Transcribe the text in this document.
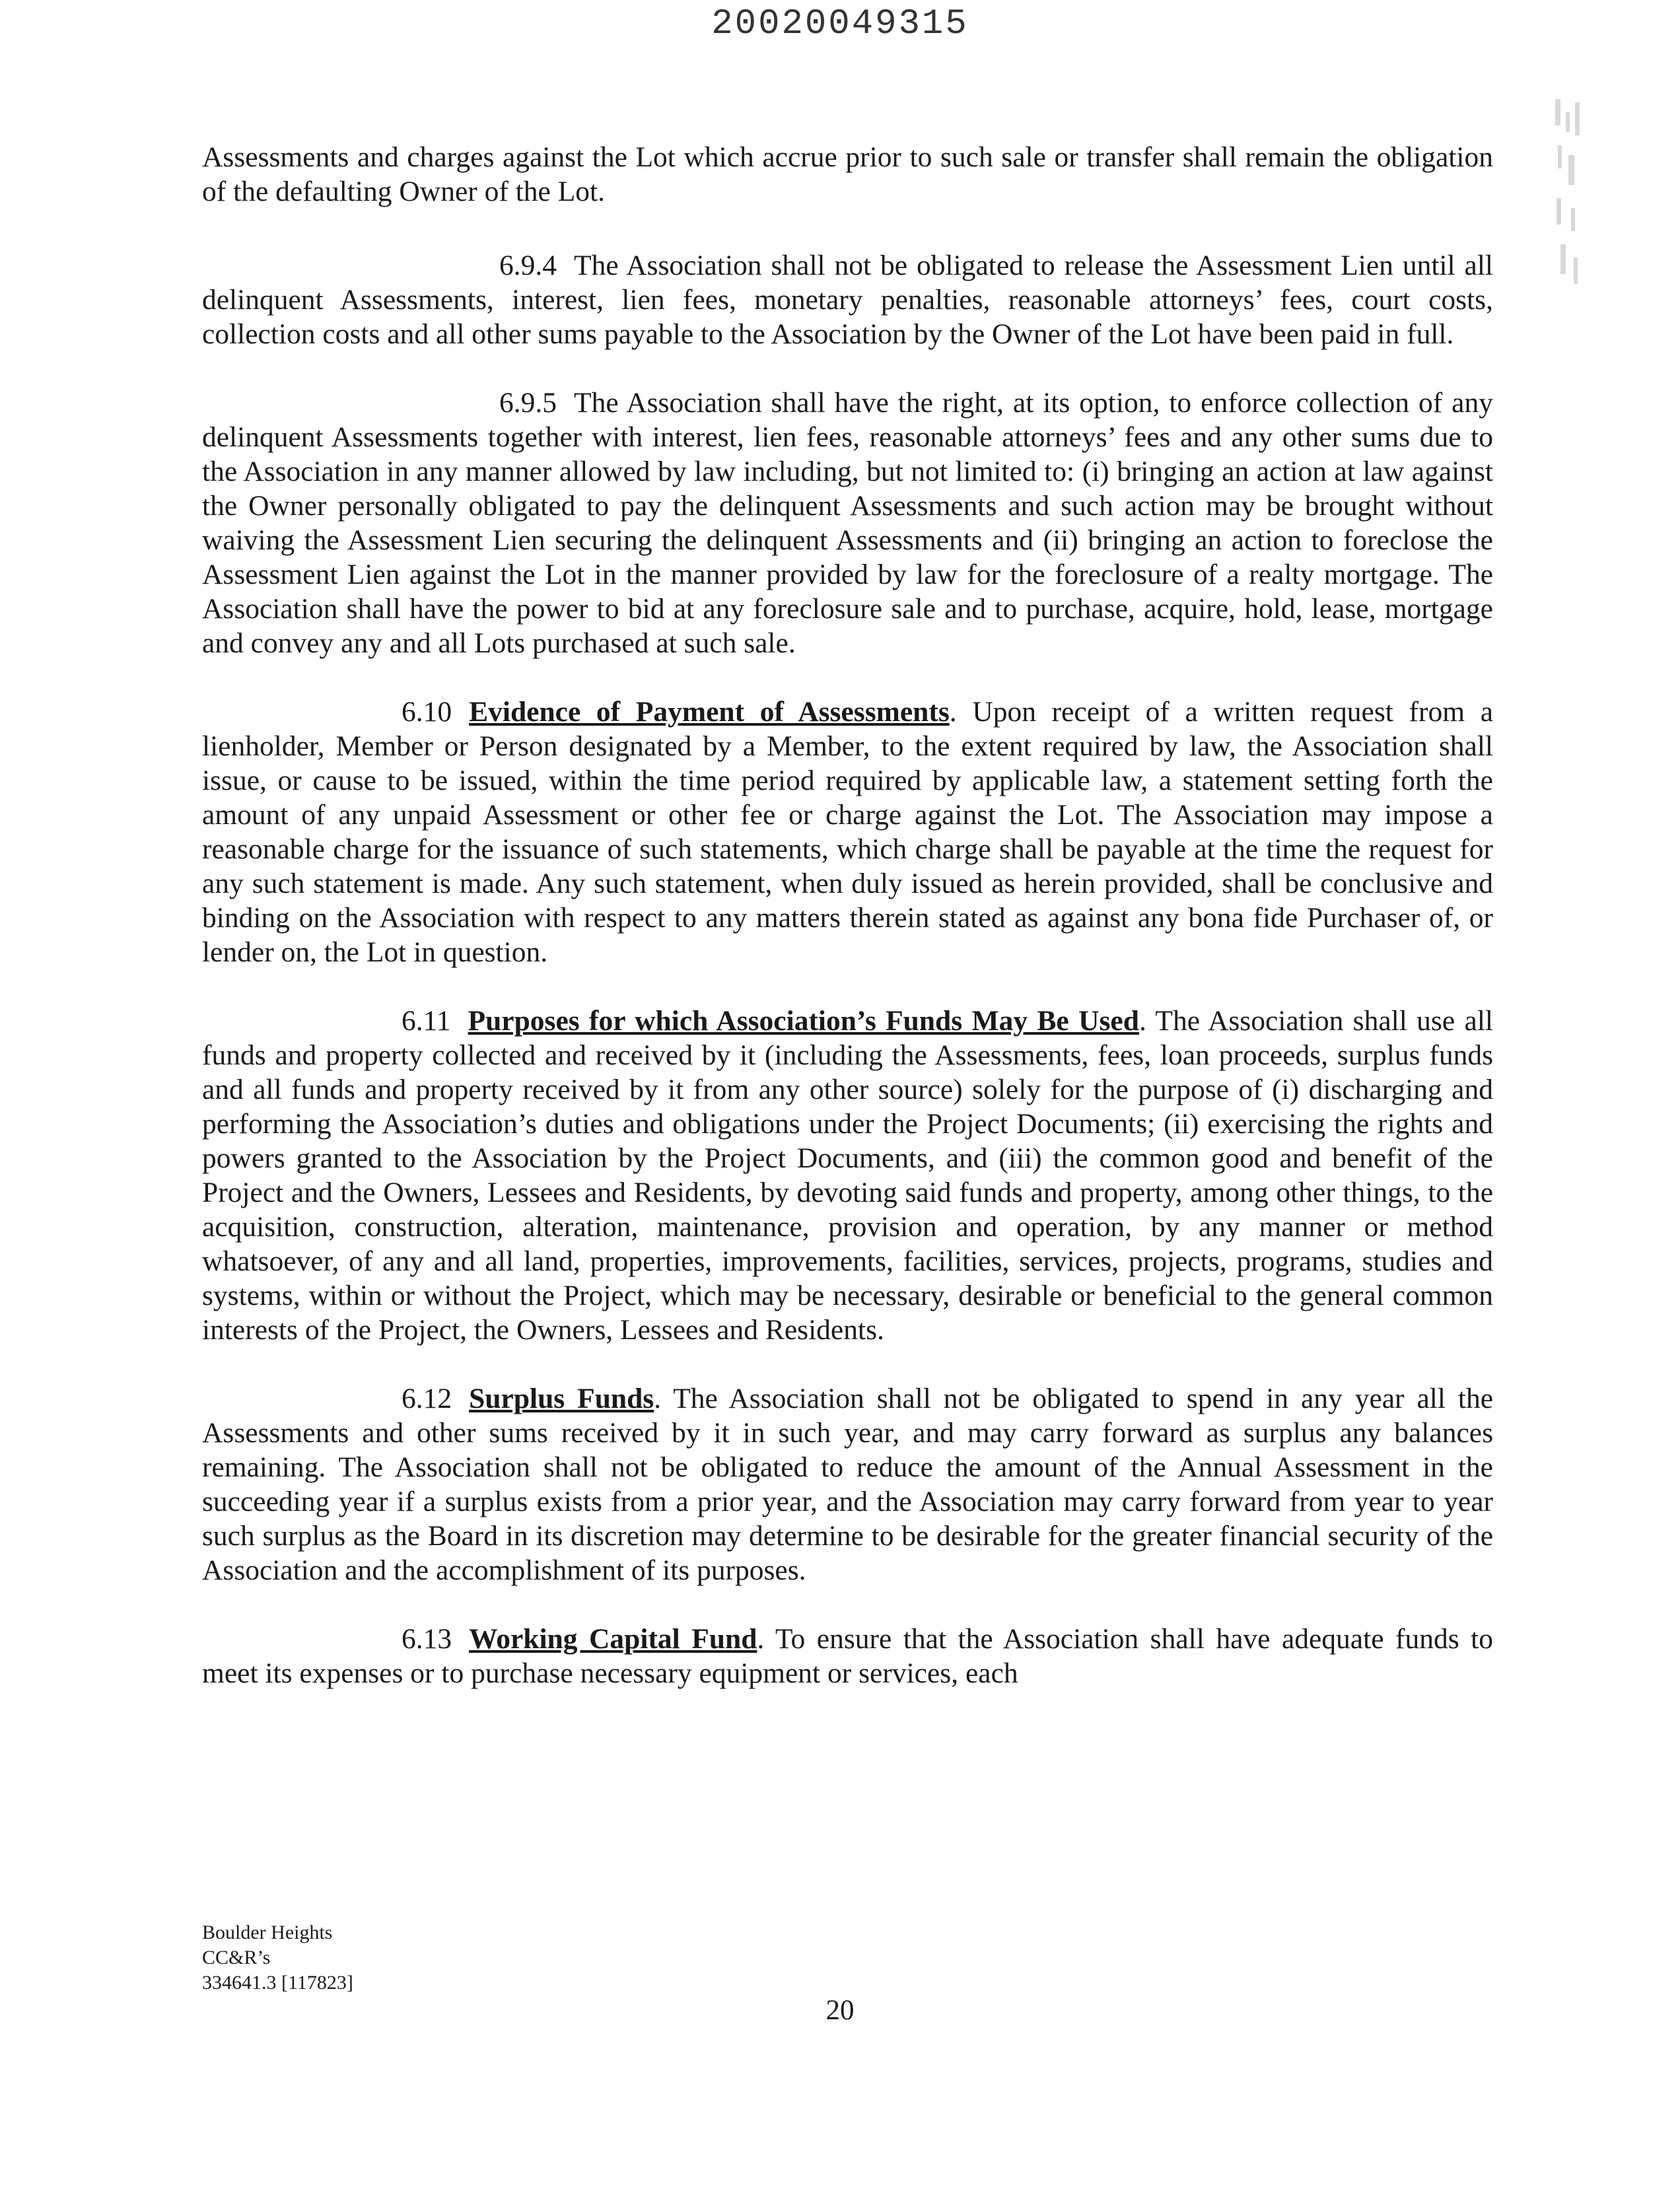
20020049315

Assessments and charges against the Lot which accrue prior to such sale or transfer shall remain the obligation of the defaulting Owner of the Lot.

6.9.4 The Association shall not be obligated to release the Assessment Lien until all delinquent Assessments, interest, lien fees, monetary penalties, reasonable attorneys’ fees, court costs, collection costs and all other sums payable to the Association by the Owner of the Lot have been paid in full.

6.9.5 The Association shall have the right, at its option, to enforce collection of any delinquent Assessments together with interest, lien fees, reasonable attorneys’ fees and any other sums due to the Association in any manner allowed by law including, but not limited to: (i) bringing an action at law against the Owner personally obligated to pay the delinquent Assessments and such action may be brought without waiving the Assessment Lien securing the delinquent Assessments and (ii) bringing an action to foreclose the Assessment Lien against the Lot in the manner provided by law for the foreclosure of a realty mortgage. The Association shall have the power to bid at any foreclosure sale and to purchase, acquire, hold, lease, mortgage and convey any and all Lots purchased at such sale.

6.10 Evidence of Payment of Assessments. Upon receipt of a written request from a lienholder, Member or Person designated by a Member, to the extent required by law, the Association shall issue, or cause to be issued, within the time period required by applicable law, a statement setting forth the amount of any unpaid Assessment or other fee or charge against the Lot. The Association may impose a reasonable charge for the issuance of such statements, which charge shall be payable at the time the request for any such statement is made. Any such statement, when duly issued as herein provided, shall be conclusive and binding on the Association with respect to any matters therein stated as against any bona fide Purchaser of, or lender on, the Lot in question.

6.11 Purposes for which Association’s Funds May Be Used. The Association shall use all funds and property collected and received by it (including the Assessments, fees, loan proceeds, surplus funds and all funds and property received by it from any other source) solely for the purpose of (i) discharging and performing the Association’s duties and obligations under the Project Documents; (ii) exercising the rights and powers granted to the Association by the Project Documents, and (iii) the common good and benefit of the Project and the Owners, Lessees and Residents, by devoting said funds and property, among other things, to the acquisition, construction, alteration, maintenance, provision and operation, by any manner or method whatsoever, of any and all land, properties, improvements, facilities, services, projects, programs, studies and systems, within or without the Project, which may be necessary, desirable or beneficial to the general common interests of the Project, the Owners, Lessees and Residents.

6.12 Surplus Funds. The Association shall not be obligated to spend in any year all the Assessments and other sums received by it in such year, and may carry forward as surplus any balances remaining. The Association shall not be obligated to reduce the amount of the Annual Assessment in the succeeding year if a surplus exists from a prior year, and the Association may carry forward from year to year such surplus as the Board in its discretion may determine to be desirable for the greater financial security of the Association and the accomplishment of its purposes.

6.13 Working Capital Fund. To ensure that the Association shall have adequate funds to meet its expenses or to purchase necessary equipment or services, each

Boulder Heights
CC&R’s
334641.3 [117823]
20
